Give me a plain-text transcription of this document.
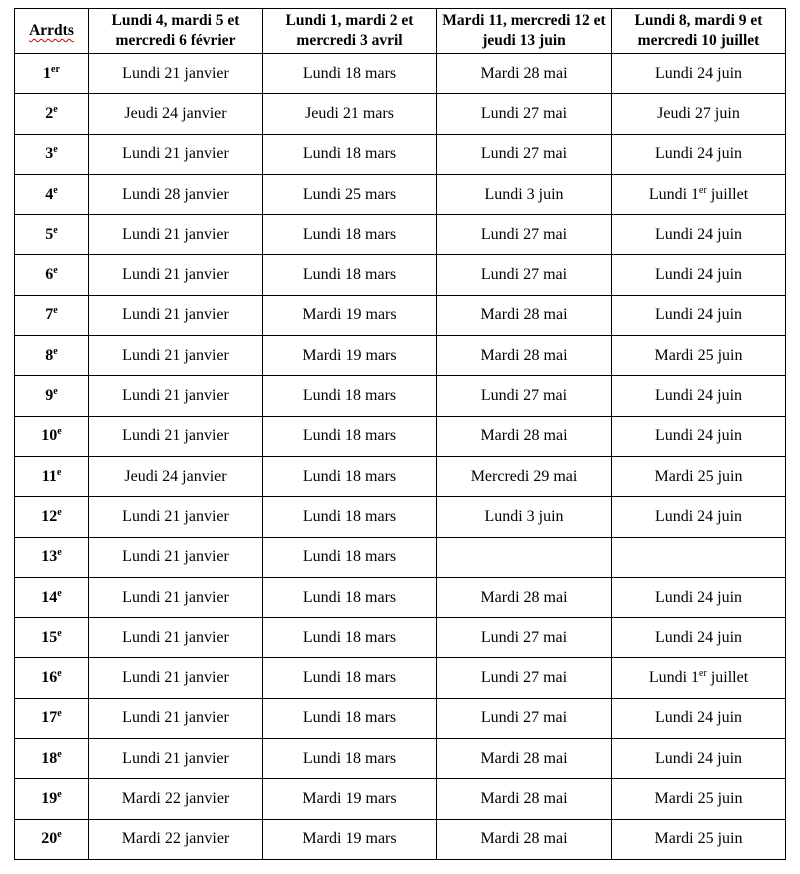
Arrdts	Lundi 4, mardi 5 et mercredi 6 février	Lundi 1, mardi 2 et mercredi 3 avril	Mardi 11, mercredi 12 et jeudi 13 juin	Lundi 8, mardi 9 et mercredi 10 juillet
1er	Lundi 21 janvier	Lundi 18 mars	Mardi 28 mai	Lundi 24 juin
2e	Jeudi 24 janvier	Jeudi 21 mars	Lundi 27 mai	Jeudi 27 juin
3e	Lundi 21 janvier	Lundi 18 mars	Lundi 27 mai	Lundi 24 juin
4e	Lundi 28 janvier	Lundi 25 mars	Lundi 3 juin	Lundi 1er juillet
5e	Lundi 21 janvier	Lundi 18 mars	Lundi 27 mai	Lundi 24 juin
6e	Lundi 21 janvier	Lundi 18 mars	Lundi 27 mai	Lundi 24 juin
7e	Lundi 21 janvier	Mardi 19 mars	Mardi 28 mai	Lundi 24 juin
8e	Lundi 21 janvier	Mardi 19 mars	Mardi 28 mai	Mardi 25 juin
9e	Lundi 21 janvier	Lundi 18 mars	Lundi 27 mai	Lundi 24 juin
10e	Lundi 21 janvier	Lundi 18 mars	Mardi 28 mai	Lundi 24 juin
11e	Jeudi 24 janvier	Lundi 18 mars	Mercredi 29 mai	Mardi 25 juin
12e	Lundi 21 janvier	Lundi 18 mars	Lundi 3 juin	Lundi 24 juin
13e	Lundi 21 janvier	Lundi 18 mars		
14e	Lundi 21 janvier	Lundi 18 mars	Mardi 28 mai	Lundi 24 juin
15e	Lundi 21 janvier	Lundi 18 mars	Lundi 27 mai	Lundi 24 juin
16e	Lundi 21 janvier	Lundi 18 mars	Lundi 27 mai	Lundi 1er juillet
17e	Lundi 21 janvier	Lundi 18 mars	Lundi 27 mai	Lundi 24 juin
18e	Lundi 21 janvier	Lundi 18 mars	Mardi 28 mai	Lundi 24 juin
19e	Mardi 22 janvier	Mardi 19 mars	Mardi 28 mai	Mardi 25 juin
20e	Mardi 22 janvier	Mardi 19 mars	Mardi 28 mai	Mardi 25 juin
